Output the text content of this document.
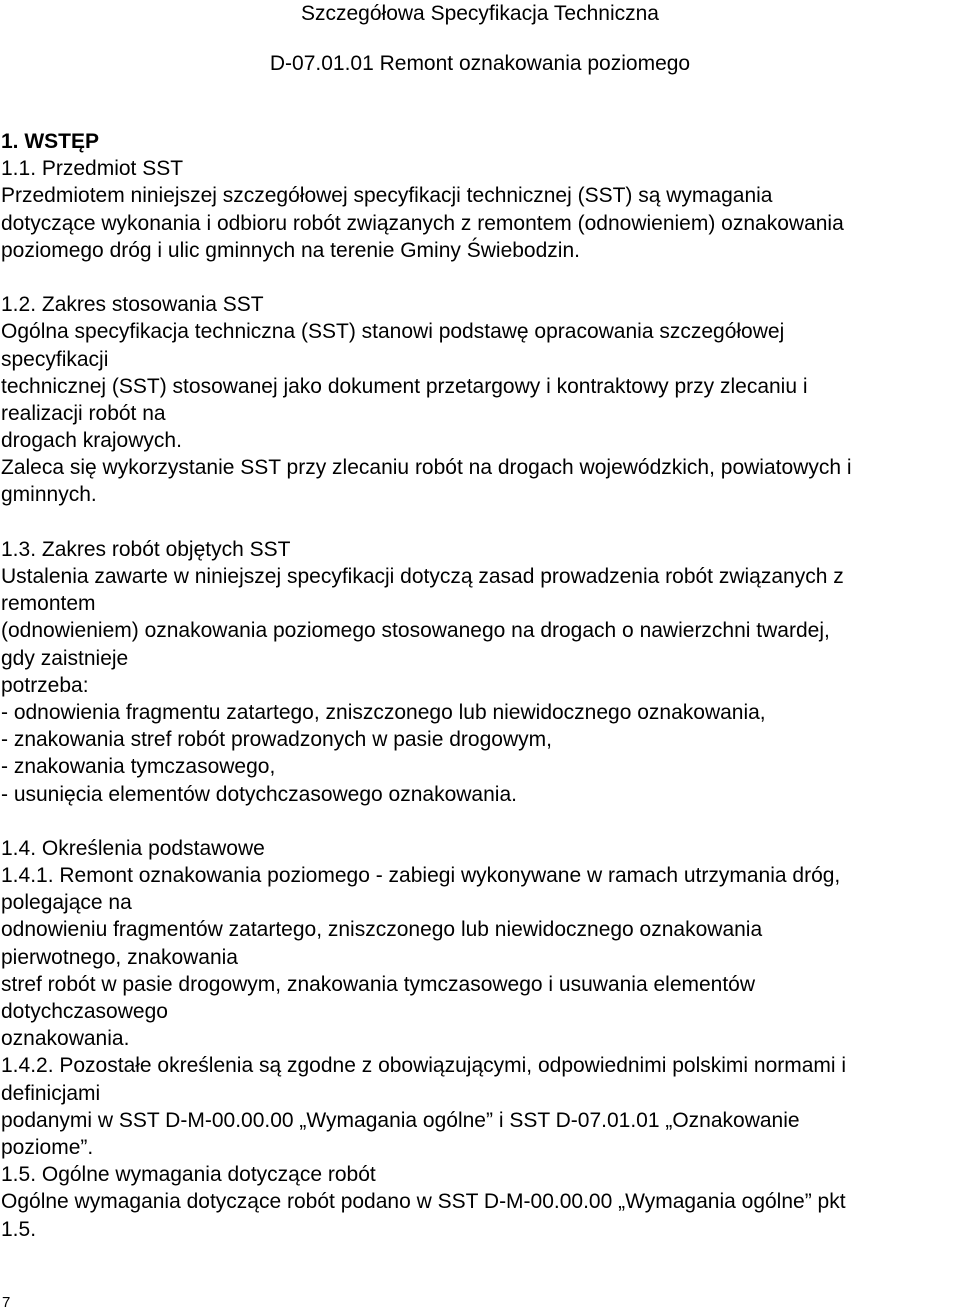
Szczegółowa Specyfikacja Techniczna
D-07.01.01 Remont oznakowania poziomego
1. WSTĘP
1.1. Przedmiot SST
Przedmiotem niniejszej szczegółowej specyfikacji technicznej (SST) są wymagania
dotyczące wykonania i odbioru robót związanych z remontem (odnowieniem) oznakowania
poziomego dróg i ulic gminnych na terenie Gminy Świebodzin.
1.2. Zakres stosowania SST
Ogólna specyfikacja techniczna (SST) stanowi podstawę opracowania szczegółowej
specyfikacji
technicznej (SST) stosowanej jako dokument przetargowy i kontraktowy przy zlecaniu i
realizacji robót na
drogach krajowych.
Zaleca się wykorzystanie SST przy zlecaniu robót na drogach wojewódzkich, powiatowych i
gminnych.
1.3. Zakres robót objętych SST
Ustalenia zawarte w niniejszej specyfikacji dotyczą zasad prowadzenia robót związanych z
remontem
(odnowieniem) oznakowania poziomego stosowanego na drogach o nawierzchni twardej,
gdy zaistnieje
potrzeba:
- odnowienia fragmentu zatartego, zniszczonego lub niewidocznego oznakowania,
- znakowania stref robót prowadzonych w pasie drogowym,
- znakowania tymczasowego,
- usunięcia elementów dotychczasowego oznakowania.
1.4. Określenia podstawowe
1.4.1. Remont oznakowania poziomego - zabiegi wykonywane w ramach utrzymania dróg,
polegające na
odnowieniu fragmentów zatartego, zniszczonego lub niewidocznego oznakowania
pierwotnego, znakowania
stref robót w pasie drogowym, znakowania tymczasowego i usuwania elementów
dotychczasowego
oznakowania.
1.4.2. Pozostałe określenia są zgodne z obowiązującymi, odpowiednimi polskimi normami i
definicjami
podanymi w SST D-M-00.00.00 „Wymagania ogólne” i SST D-07.01.01 „Oznakowanie
poziome”.
1.5. Ogólne wymagania dotyczące robót
Ogólne wymagania dotyczące robót podano w SST D-M-00.00.00 „Wymagania ogólne” pkt
1.5.
7
